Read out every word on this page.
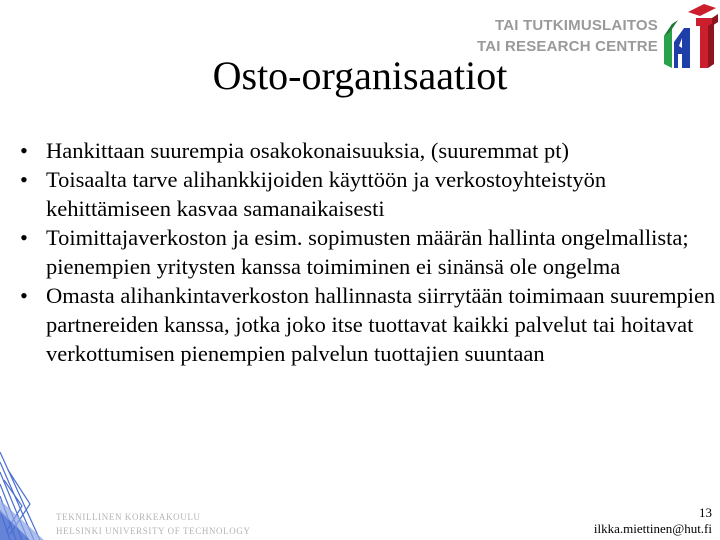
TAI TUTKIMUSLAITOS
TAI RESEARCH CENTRE
Osto-organisaatiot
• Hankittaan suurempia osakokonaisuuksia, (suuremmat pt)
• Toisaalta tarve alihankkijoiden käyttöön ja verkostoyhteistyön kehittämiseen kasvaa samanaikaisesti
• Toimittajaverkoston ja esim. sopimusten määrän hallinta ongelmallista; pienempien yritysten kanssa toimiminen ei sinänsä ole ongelma
• Omasta alihankintaverkoston hallinnasta siirrytään toimimaan suurempien partnereiden kanssa, jotka joko itse tuottavat kaikki palvelut tai hoitavat verkottumisen pienempien palvelun tuottajien suuntaan
TEKNILLINEN KORKEAKOULU
HELSINKI UNIVERSITY OF TECHNOLOGY
13
ilkka.miettinen@hut.fi
